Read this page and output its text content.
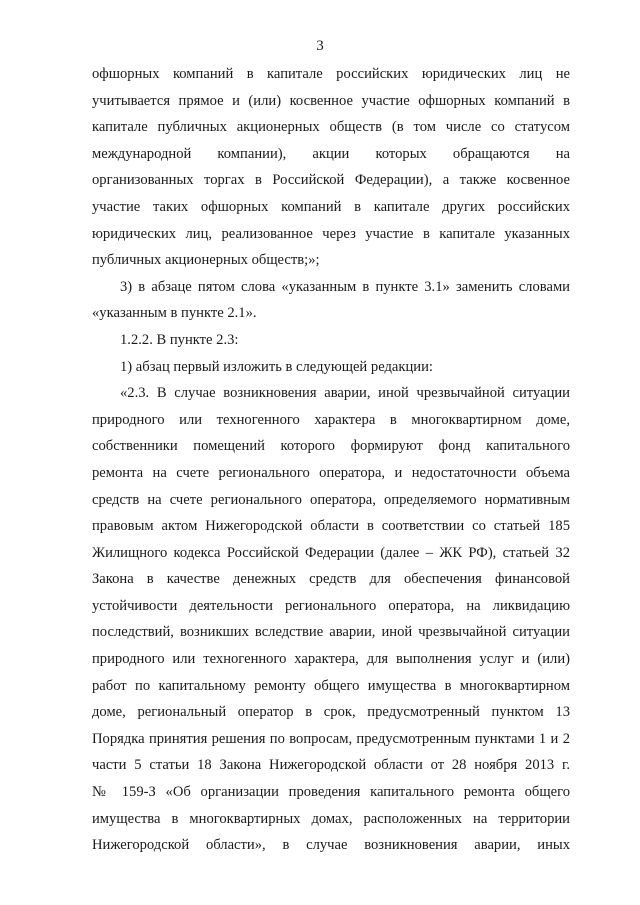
3
офшорных компаний в капитале российских юридических лиц не
учитывается прямое и (или) косвенное участие офшорных компаний в
капитале публичных акционерных обществ (в том числе со статусом
международной компании), акции которых обращаются на
организованных торгах в Российской Федерации), а также косвенное
участие таких офшорных компаний в капитале других российских
юридических лиц, реализованное через участие в капитале указанных
публичных акционерных обществ;»;
3) в абзаце пятом слова «указанным в пункте 3.1» заменить словами
«указанным в пункте 2.1».
1.2.2. В пункте 2.3:
1) абзац первый изложить в следующей редакции:
«2.3. В случае возникновения аварии, иной чрезвычайной ситуации
природного или техногенного характера в многоквартирном доме,
собственники помещений которого формируют фонд капитального
ремонта на счете регионального оператора, и недостаточности объема
средств на счете регионального оператора, определяемого нормативным
правовым актом Нижегородской области в соответствии со статьей 185
Жилищного кодекса Российской Федерации (далее – ЖК РФ), статьей 32
Закона в качестве денежных средств для обеспечения финансовой
устойчивости деятельности регионального оператора, на ликвидацию
последствий, возникших вследствие аварии, иной чрезвычайной ситуации
природного или техногенного характера, для выполнения услуг и (или)
работ по капитальному ремонту общего имущества в многоквартирном
доме, региональный оператор в срок, предусмотренный пунктом 13
Порядка принятия решения по вопросам, предусмотренным пунктами 1 и 2
части 5 статьи 18 Закона Нижегородской области от 28 ноября 2013 г.
№ 159-З «Об организации проведения капитального ремонта общего
имущества в многоквартирных домах, расположенных на территории
Нижегородской области», в случае возникновения аварии, иных
